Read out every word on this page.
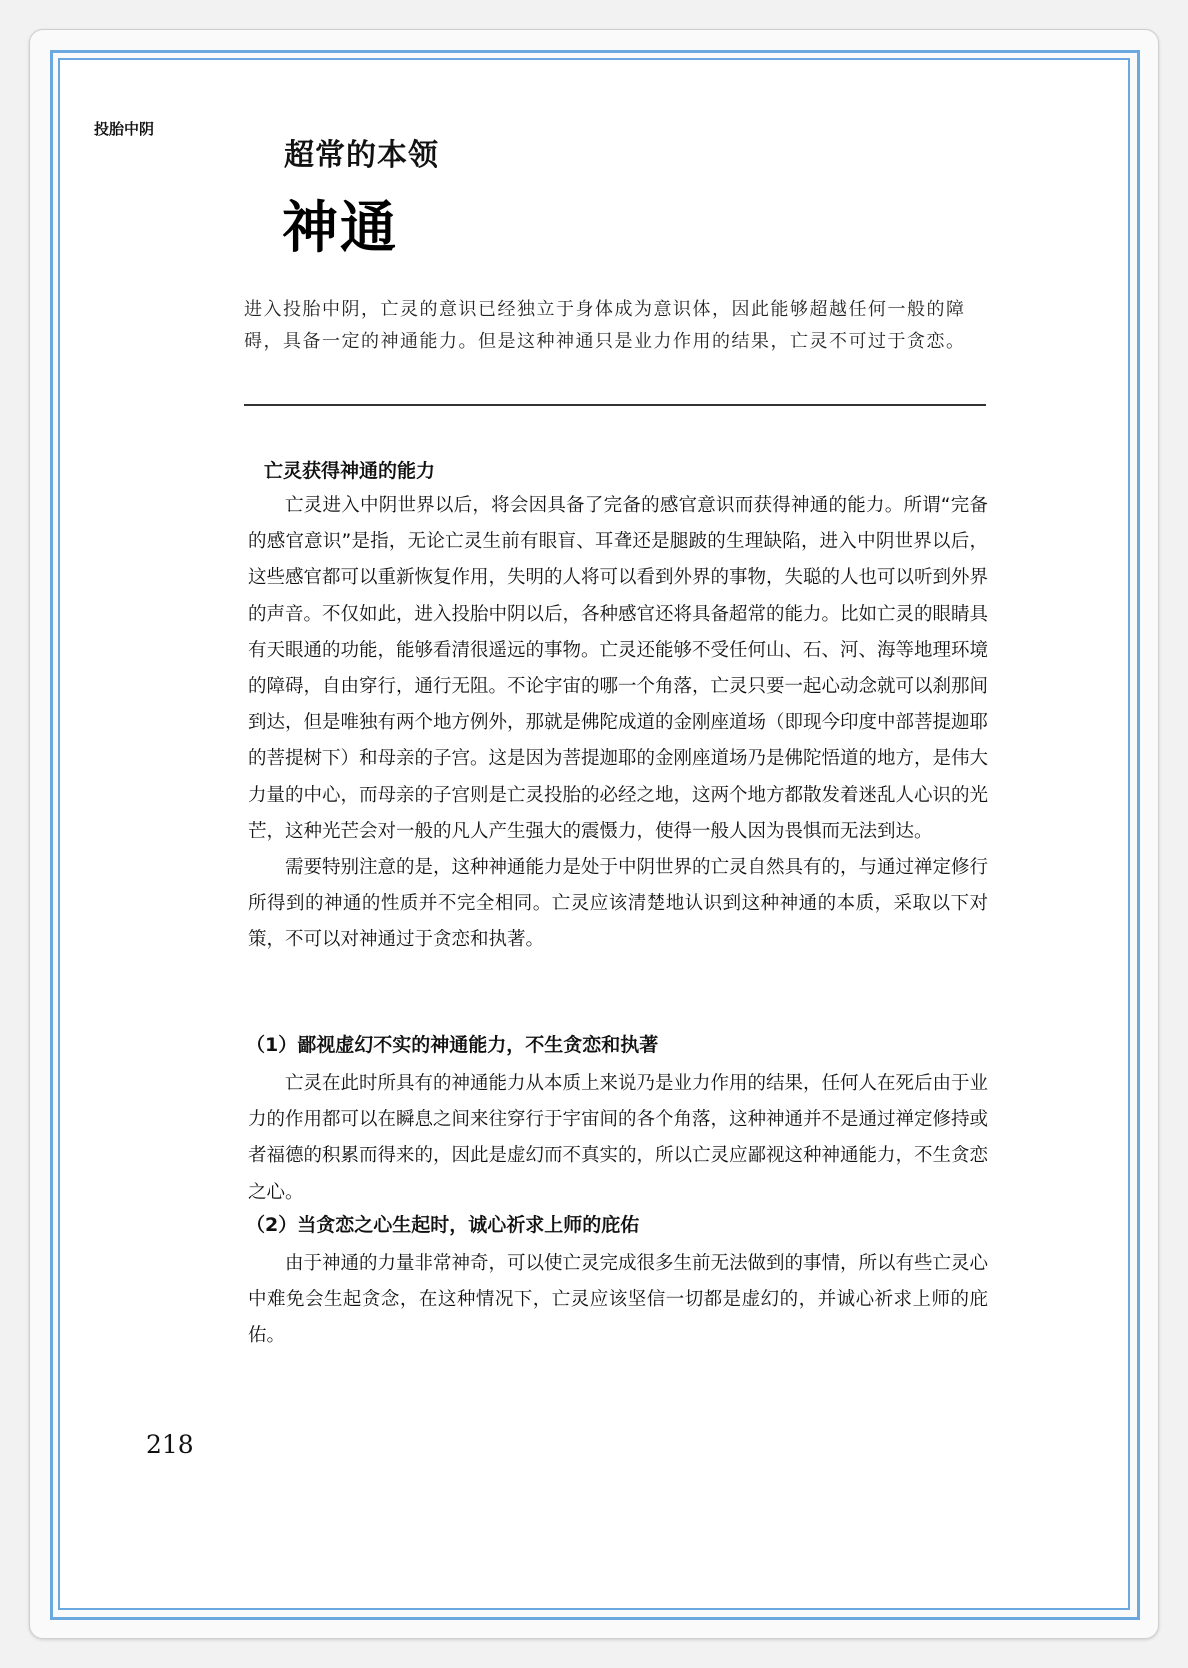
投胎中阴
超常的本领
神通
进入投胎中阴，亡灵的意识已经独立于身体成为意识体，因此能够超越任何一般的障碍，具备一定的神通能力。但是这种神通只是业力作用的结果，亡灵不可过于贪恋。
亡灵获得神通的能力

亡灵进入中阴世界以后，将会因具备了完备的感官意识而获得神通的能力。所谓“完备的感官意识”是指，无论亡灵生前有眼盲、耳聋还是腿跛的生理缺陷，进入中阴世界以后，这些感官都可以重新恢复作用，失明的人将可以看到外界的事物，失聪的人也可以听到外界的声音。不仅如此，进入投胎中阴以后，各种感官还将具备超常的能力。比如亡灵的眼睛具有天眼通的功能，能够看清很遥远的事物。亡灵还能够不受任何山、石、河、海等地理环境的障碍，自由穿行，通行无阻。不论宇宙的哪一个角落，亡灵只要一起心动念就可以刹那间到达，但是唯独有两个地方例外，那就是佛陀成道的金刚座道场（即现今印度中部菩提迦耶的菩提树下）和母亲的子宫。这是因为菩提迦耶的金刚座道场乃是佛陀悟道的地方，是伟大力量的中心，而母亲的子宫则是亡灵投胎的必经之地，这两个地方都散发着迷乱人心识的光芒，这种光芒会对一般的凡人产生强大的震慑力，使得一般人因为畏惧而无法到达。

需要特别注意的是，这种神通能力是处于中阴世界的亡灵自然具有的，与通过禅定修行所得到的神通的性质并不完全相同。亡灵应该清楚地认识到这种神通的本质，采取以下对策，不可以对神通过于贪恋和执著。

（1）鄙视虚幻不实的神通能力，不生贪恋和执著

亡灵在此时所具有的神通能力从本质上来说乃是业力作用的结果，任何人在死后由于业力的作用都可以在瞬息之间来往穿行于宇宙间的各个角落，这种神通并不是通过禅定修持或者福德的积累而得来的，因此是虚幻而不真实的，所以亡灵应鄙视这种神通能力，不生贪恋之心。

（2）当贪恋之心生起时，诚心祈求上师的庇佑

由于神通的力量非常神奇，可以使亡灵完成很多生前无法做到的事情，所以有些亡灵心中难免会生起贪念，在这种情况下，亡灵应该坚信一切都是虚幻的，并诚心祈求上师的庇佑。

218
